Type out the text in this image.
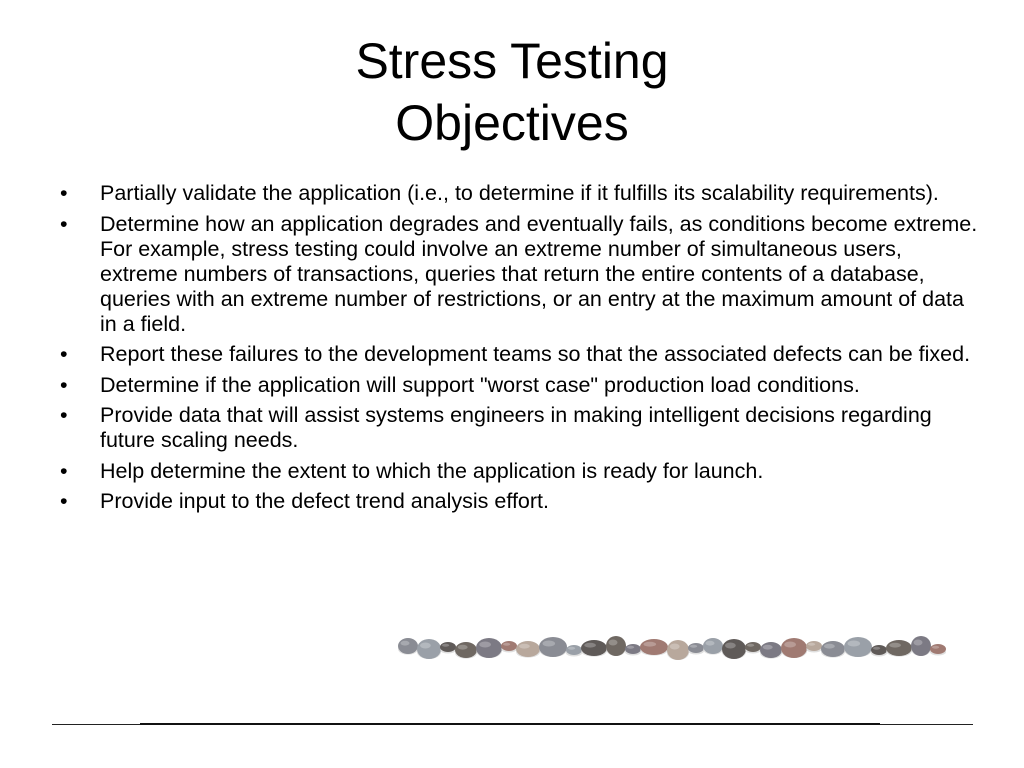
Stress Testing
Objectives
• Partially validate the application (i.e., to determine if it fulfills its scalability requirements).
• Determine how an application degrades and eventually fails, as conditions become extreme. For example, stress testing could involve an extreme number of simultaneous users, extreme numbers of transactions, queries that return the entire contents of a database, queries with an extreme number of restrictions, or an entry at the maximum amount of data in a field.
• Report these failures to the development teams so that the associated defects can be fixed.
• Determine if the application will support "worst case" production load conditions.
• Provide data that will assist systems engineers in making intelligent decisions regarding future scaling needs.
• Help determine the extent to which the application is ready for launch.
• Provide input to the defect trend analysis effort.
